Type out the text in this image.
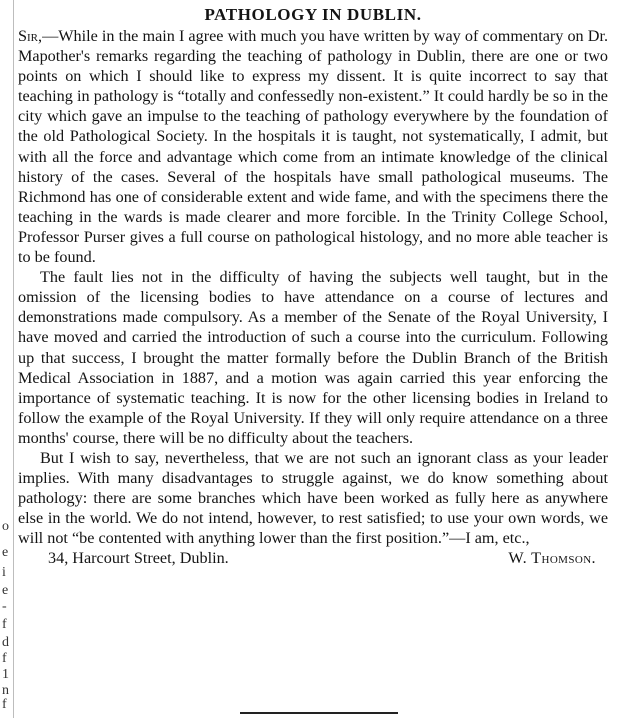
o
e
i
e
-
f
d
f
1
n
f
PATHOLOGY IN DUBLIN.

Sir,—While in the main I agree with much you have written by way of commentary on Dr. Mapother's remarks regarding the teaching of pathology in Dublin, there are one or two points on which I should like to express my dissent. It is quite incorrect to say that teaching in pathology is “totally and confessedly non-existent.” It could hardly be so in the city which gave an impulse to the teaching of pathology everywhere by the foundation of the old Pathological Society. In the hospitals it is taught, not systematically, I admit, but with all the force and advantage which come from an intimate knowledge of the clinical history of the cases. Several of the hospitals have small pathological museums. The Richmond has one of considerable extent and wide fame, and with the specimens there the teaching in the wards is made clearer and more forcible. In the Trinity College School, Professor Purser gives a full course on pathological histology, and no more able teacher is to be found.

The fault lies not in the difficulty of having the subjects well taught, but in the omission of the licensing bodies to have attendance on a course of lectures and demonstrations made compulsory. As a member of the Senate of the Royal University, I have moved and carried the introduction of such a course into the curriculum. Following up that success, I brought the matter formally before the Dublin Branch of the British Medical Association in 1887, and a motion was again carried this year enforcing the importance of systematic teaching. It is now for the other licensing bodies in Ireland to follow the example of the Royal University. If they will only require attendance on a three months' course, there will be no difficulty about the teachers.

But I wish to say, nevertheless, that we are not such an ignorant class as your leader implies. With many disadvantages to struggle against, we do know something about pathology: there are some branches which have been worked as fully here as anywhere else in the world. We do not intend, however, to rest satisfied; to use your own words, we will not “be contented with anything lower than the first position.”—I am, etc.,

34, Harcourt Street, Dublin.	W. Thomson.
